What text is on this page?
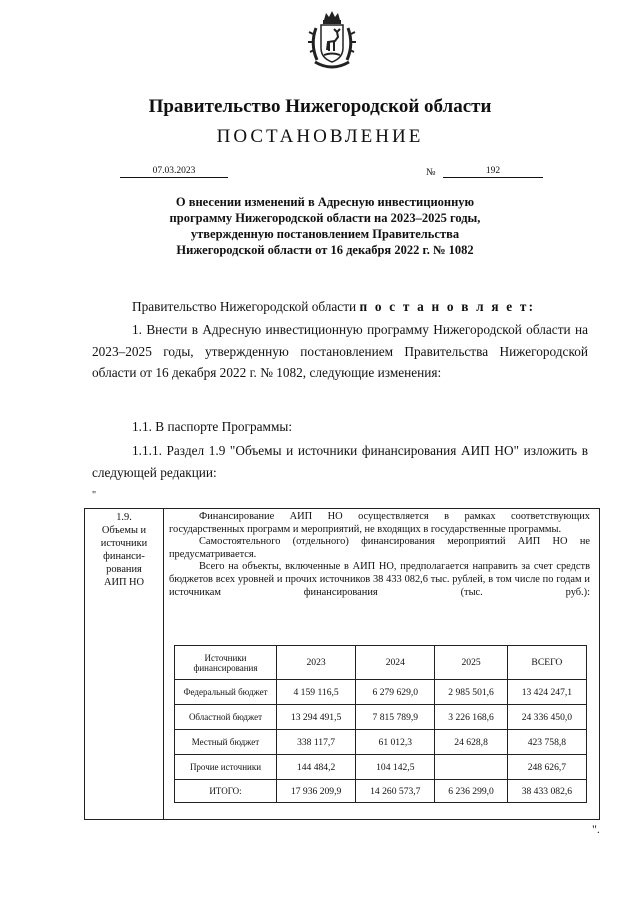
Правительство Нижегородской области
ПОСТАНОВЛЕНИЕ
07.03.2023	№	192
О внесении изменений в Адресную инвестиционную
программу Нижегородской области на 2023–2025 годы,
утвержденную постановлением Правительства
Нижегородской области от 16 декабря 2022 г. № 1082
Правительство Нижегородской области п о с т а н о в л я е т:
1. Внести в Адресную инвестиционную программу Нижегородской области на 2023–2025 годы, утвержденную постановлением Правительства Нижегородской области от 16 декабря 2022 г. № 1082, следующие изменения:
1.1. В паспорте Программы:
1.1.1. Раздел 1.9 "Объемы и источники финансирования АИП НО" изложить в следующей редакции:
"
1.9.
Объемы и
источники
финанси-
рования
АИП НО

Финансирование АИП НО осуществляется в рамках соответствующих государственных программ и мероприятий, не входящих в государственные программы.

Самостоятельного (отдельного) финансирования мероприятий АИП НО не предусматривается.

Всего на объекты, включенные в АИП НО, предполагается направить за счет средств бюджетов всех уровней и прочих источников 38 433 082,6 тыс. рублей, в том числе по годам и источникам финансирования (тыс. руб.):

Источники финансирования	2023	2024	2025	ВСЕГО
Федеральный бюджет	4 159 116,5	6 279 629,0	2 985 501,6	13 424 247,1
Областной бюджет	13 294 491,5	7 815 789,9	3 226 168,6	24 336 450,0
Местный бюджет	338 117,7	61 012,3	24 628,8	423 758,8
Прочие источники	144 484,2	104 142,5		248 626,7
ИТОГО:	17 936 209,9	14 260 573,7	6 236 299,0	38 433 082,6
".
